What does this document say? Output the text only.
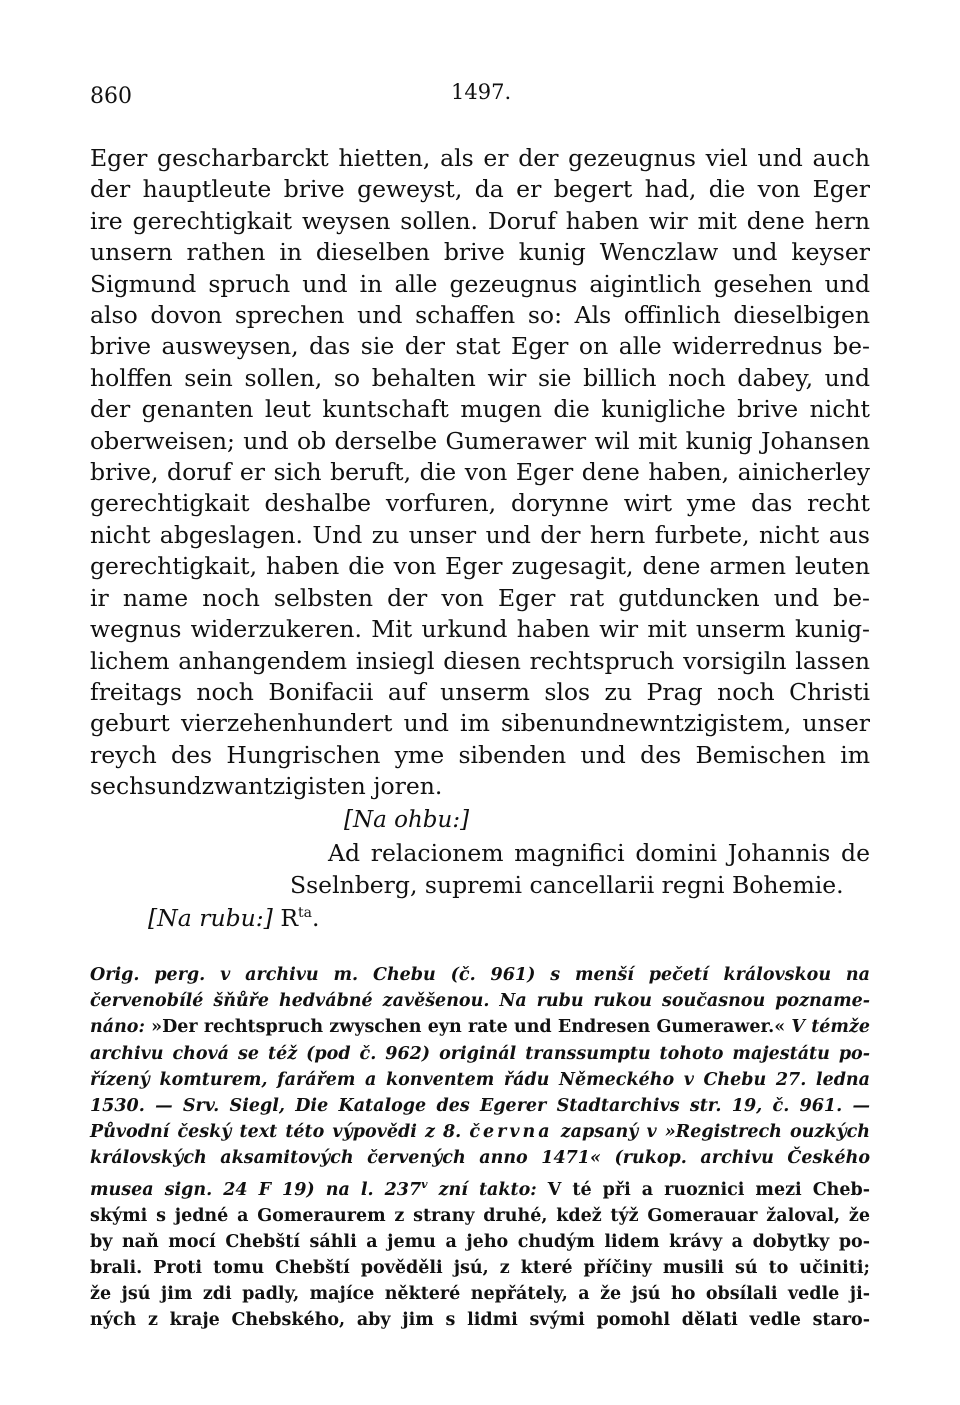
860	1497.
Eger gescharbarckt hietten, als er der gezeugnus viel und auch
der hauptleute brive geweyst, da er begert had, die von Eger
ire gerechtigkait weysen sollen. Doruf haben wir mit dene hern
unsern rathen in dieselben brive kunig Wenczlaw und keyser
Sigmund spruch und in alle gezeugnus aigintlich gesehen und
also dovon sprechen und schaffen so: Als offinlich dieselbigen
brive ausweysen, das sie der stat Eger on alle widerrednus be-
holffen sein sollen, so behalten wir sie billich noch dabey, und
der genanten leut kuntschaft mugen die kunigliche brive nicht
oberweisen; und ob derselbe Gumerawer wil mit kunig Johansen
brive, doruf er sich beruft, die von Eger dene haben, ainicherley
gerechtigkait deshalbe vorfuren, dorynne wirt yme das recht
nicht abgeslagen. Und zu unser und der hern furbete, nicht aus
gerechtigkait, haben die von Eger zugesagit, dene armen leuten
ir name noch selbsten der von Eger rat gutduncken und be-
wegnus widerzukeren. Mit urkund haben wir mit unserm kunig-
lichem anhangendem insiegl diesen rechtspruch vorsigiln lassen
freitags noch Bonifacii auf unserm slos zu Prag noch Christi
geburt vierzehenhundert und im sibenundnewntzigistem, unser
reych des Hungrischen yme sibenden und des Bemischen im
sechsundzwantzigisten joren.
[Na ohbu:]
Ad relacionem magnifici domini Johannis de
Sselnberg, supremi cancellarii regni Bohemie.
[Na rubu:] $R^{ta}$.
Orig. perg. v archivu m. Chebu (č. 961) s menší pečetí královskou na
červenobílé šňůře hedvábné zavěšenou. Na rubu rukou současnou pozname-
náno: »Der rechtspruch zwyschen eyn rate und Endresen Gumerawer.« V témže
archivu chová se též (pod č. 962) originál transsumptu tohoto majestátu po-
řízený komturem, farářem a konventem řádu Německého v Chebu 27. ledna
1530. — Srv. Siegl, Die Kataloge des Egerer Stadtarchivs str. 19, č. 961. —
Původní český text této výpovědi z 8. června zapsaný v »Registrech ouzkých
královských aksamitových červených anno 1471« (rukop. archivu Českého
musea sign. 24 F 19) na l. 237$^v$ zní takto: V té při a ruoznici mezi Cheb-
skými s jedné a Gomeraurem z strany druhé, kdež týž Gomerauar žaloval, že
by naň mocí Chebští sáhli a jemu a jeho chudým lidem krávy a dobytky po-
brali. Proti tomu Chebští pověděli jsú, z které příčiny musili sú to učiniti;
že jsú jim zdi padly, majíce některé nepřátely, a že jsú ho obsílali vedle ji-
ných z kraje Chebského, aby jim s lidmi svými pomohl dělati vedle staro-
